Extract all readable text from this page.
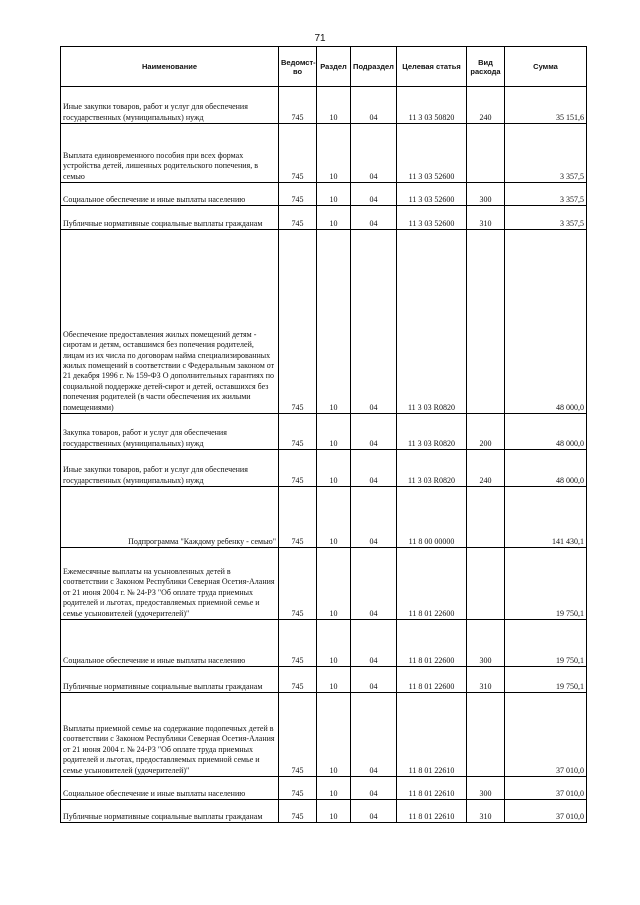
71
Наименование	Ведомст-во	Раздел	Подраздел	Целевая статья	Вид расхода	Сумма
Иные закупки товаров, работ и услуг для обеспечения государственных (муниципальных) нужд	745	10	04	11 3 03 50820	240	35 151,6
Выплата единовременного пособия при всех формах устройства детей, лишенных родительского попечения, в семью	745	10	04	11 3 03 52600		3 357,5
Социальное обеспечение и иные выплаты населению	745	10	04	11 3 03 52600	300	3 357,5
Публичные нормативные социальные выплаты гражданам	745	10	04	11 3 03 52600	310	3 357,5
Обеспечение предоставления жилых помещений детям - сиротам и детям, оставшимся без попечения родителей, лицам из их числа по договорам найма специализированных жилых помещений в соответствии с Федеральным законом от 21 декабря 1996 г. № 159-ФЗ О дополнительных гарантиях по социальной поддержке детей-сирот и детей, оставшихся без попечения родителей (в части обеспечения их жилыми помещениями)	745	10	04	11 3 03 R0820		48 000,0
Закупка товаров, работ и услуг для обеспечения государственных (муниципальных) нужд	745	10	04	11 3 03 R0820	200	48 000,0
Иные закупки товаров, работ и услуг для обеспечения государственных (муниципальных) нужд	745	10	04	11 3 03 R0820	240	48 000,0
Подпрограмма "Каждому ребенку - семью"	745	10	04	11 8 00 00000		141 430,1
Ежемесячные выплаты на усыновленных детей в соответствии с Законом Республики Северная Осетия-Алания от 21 июня 2004 г. № 24-РЗ "Об оплате труда приемных родителей и льготах, предоставляемых приемной семье и семье усыновителей (удочерителей)"	745	10	04	11 8 01 22600		19 750,1
Социальное обеспечение и иные выплаты населению	745	10	04	11 8 01 22600	300	19 750,1
Публичные нормативные социальные выплаты гражданам	745	10	04	11 8 01 22600	310	19 750,1
Выплаты приемной семье на содержание подопечных детей в соответствии с Законом Республики Северная Осетия-Алания от 21 июня 2004 г. № 24-РЗ "Об оплате труда приемных родителей и льготах, предоставляемых приемной семье и семье усыновителей (удочерителей)"	745	10	04	11 8 01 22610		37 010,0
Социальное обеспечение и иные выплаты населению	745	10	04	11 8 01 22610	300	37 010,0
Публичные нормативные социальные выплаты гражданам	745	10	04	11 8 01 22610	310	37 010,0
